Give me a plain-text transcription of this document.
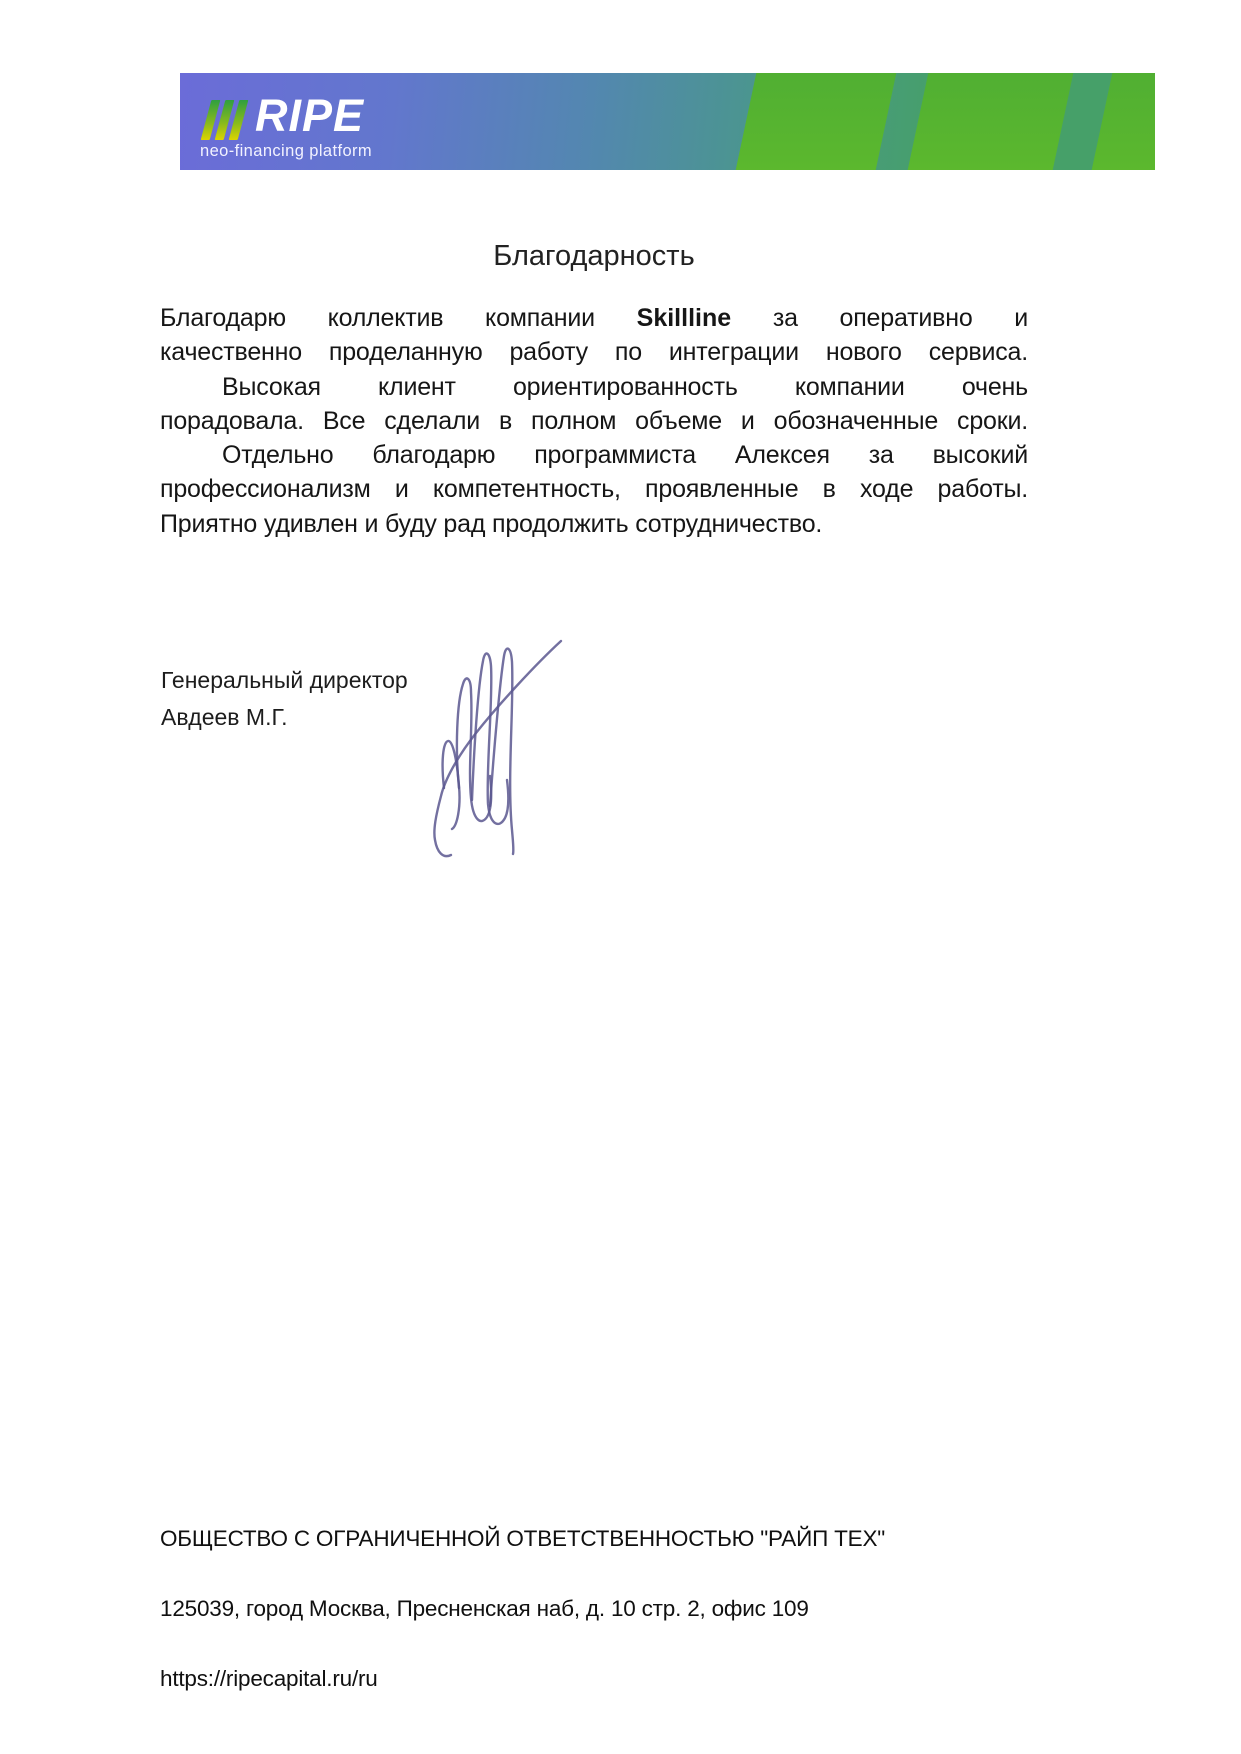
RIPE
neo-financing platform
Благодарность
Благодарю коллектив компании Skillline за оперативно и
качественно проделанную работу по интеграции нового сервиса.
Высокая клиент ориентированность компании очень
порадовала. Все сделали в полном объеме и обозначенные сроки.
Отдельно благодарю программиста Алексея за высокий
профессионализм и компетентность, проявленные в ходе работы.
Приятно удивлен и буду рад продолжить сотрудничество.
Генеральный директор
Авдеев М.Г.
ОБЩЕСТВО С ОГРАНИЧЕННОЙ ОТВЕТСТВЕННОСТЬЮ "РАЙП ТЕХ"
125039, город Москва, Пресненская наб, д. 10 стр. 2, офис 109
https://ripecapital.ru/ru
